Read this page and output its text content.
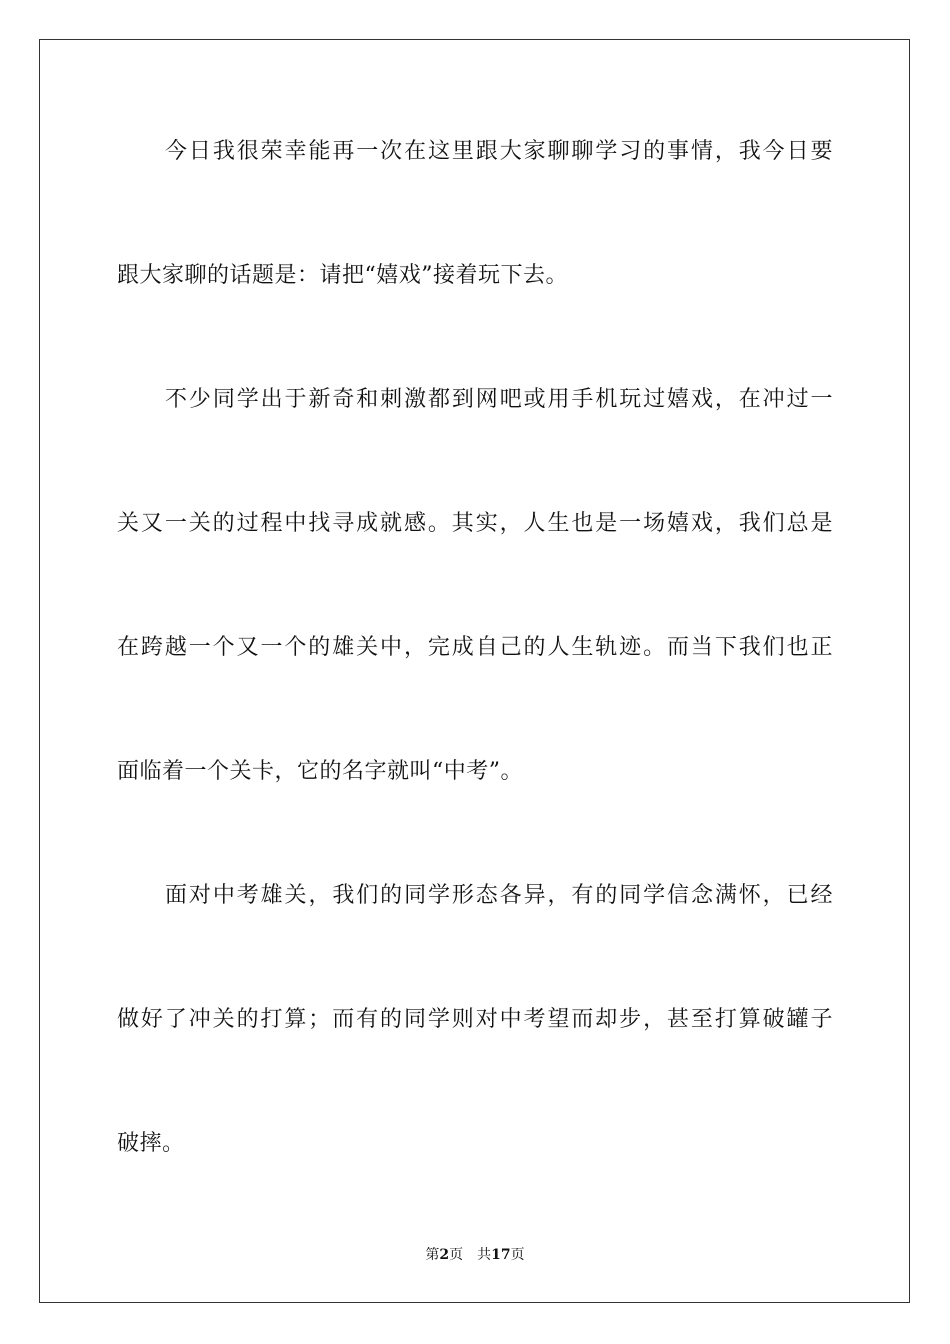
今日我很荣幸能再一次在这里跟大家聊聊学习的事情，我今日要
跟大家聊的话题是：请把“嬉戏”接着玩下去。
不少同学出于新奇和刺激都到网吧或用手机玩过嬉戏，在冲过一
关又一关的过程中找寻成就感。其实，人生也是一场嬉戏，我们总是
在跨越一个又一个的雄关中，完成自己的人生轨迹。而当下我们也正
面临着一个关卡，它的名字就叫“中考”。
面对中考雄关，我们的同学形态各异，有的同学信念满怀，已经
做好了冲关的打算；而有的同学则对中考望而却步，甚至打算破罐子
破摔。
第2页 共17页
